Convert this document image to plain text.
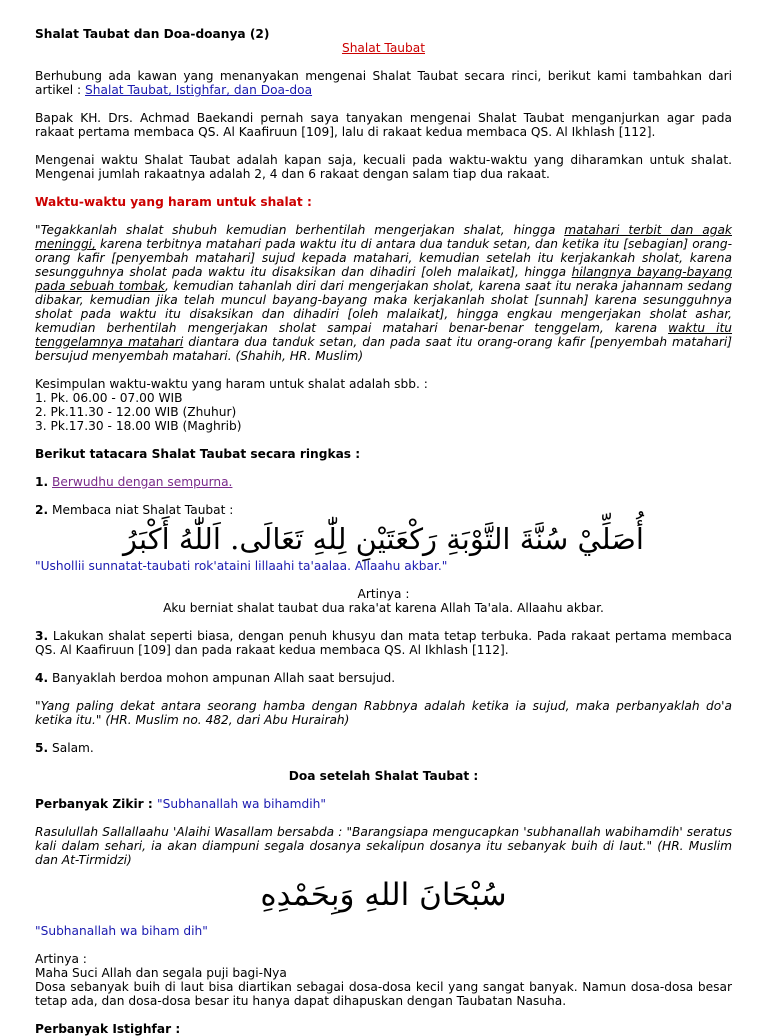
Shalat Taubat dan Doa-doanya (2)

Shalat Taubat

Berhubung ada kawan yang menanyakan mengenai Shalat Taubat secara rinci, berikut kami tambahkan dari artikel : Shalat Taubat, Istighfar, dan Doa-doa

Bapak KH. Drs. Achmad Baekandi pernah saya tanyakan mengenai Shalat Taubat menganjurkan agar pada rakaat pertama membaca QS. Al Kaafiruun [109], lalu di rakaat kedua membaca QS. Al Ikhlash [112].

Mengenai waktu Shalat Taubat adalah kapan saja, kecuali pada waktu-waktu yang diharamkan untuk shalat. Mengenai jumlah rakaatnya adalah 2, 4 dan 6 rakaat dengan salam tiap dua rakaat.

Waktu-waktu yang haram untuk shalat :

"Tegakkanlah shalat shubuh kemudian berhentilah mengerjakan shalat, hingga matahari terbit dan agak meninggi, karena terbitnya matahari pada waktu itu di antara dua tanduk setan, dan ketika itu [sebagian] orang-orang kafir [penyembah matahari] sujud kepada matahari, kemudian setelah itu kerjakankah sholat, karena sesungguhnya sholat pada waktu itu disaksikan dan dihadiri [oleh malaikat], hingga hilangnya bayang-bayang pada sebuah tombak, kemudian tahanlah diri dari mengerjakan sholat, karena saat itu neraka jahannam sedang dibakar, kemudian jika telah muncul bayang-bayang maka kerjakanlah sholat [sunnah] karena sesungguhnya sholat pada waktu itu disaksikan dan dihadiri [oleh malaikat], hingga engkau mengerjakan sholat ashar, kemudian berhentilah mengerjakan sholat sampai matahari benar-benar tenggelam, karena waktu itu tenggelamnya matahari diantara dua tanduk setan, dan pada saat itu orang-orang kafir [penyembah matahari] bersujud menyembah matahari. (Shahih, HR. Muslim)

Kesimpulan waktu-waktu yang haram untuk shalat adalah sbb. :

1. Pk. 06.00 - 07.00 WIB

2. Pk.11.30 - 12.00 WIB (Zhuhur)

3. Pk.17.30 - 18.00 WIB (Maghrib)

Berikut tatacara Shalat Taubat secara ringkas :

1. Berwudhu dengan sempurna.

2. Membaca niat Shalat Taubat :

أُصَلِّيْ سُنَّةَ التَّوْبَةِ رَكْعَتَيْنِ لِلّٰهِ تَعَالَى. اَللّٰهُ أَكْبَرُ

"Ushollii sunnatat-taubati rok'ataini lillaahi ta'aalaa. Allaahu akbar."

Artinya :

Aku berniat shalat taubat dua raka'at karena Allah Ta'ala. Allaahu akbar.

3. Lakukan shalat seperti biasa, dengan penuh khusyu dan mata tetap terbuka. Pada rakaat pertama membaca QS. Al Kaafiruun [109] dan pada rakaat kedua membaca QS. Al Ikhlash [112].

4. Banyaklah berdoa mohon ampunan Allah saat bersujud.

"Yang paling dekat antara seorang hamba dengan Rabbnya adalah ketika ia sujud, maka perbanyaklah do'a ketika itu." (HR. Muslim no. 482, dari Abu Hurairah)

5. Salam.

Doa setelah Shalat Taubat :

Perbanyak Zikir : "Subhanallah wa bihamdih"

Rasulullah Sallallaahu 'Alaihi Wasallam bersabda : "Barangsiapa mengucapkan 'subhanallah wabihamdih' seratus kali dalam sehari, ia akan diampuni segala dosanya sekalipun dosanya itu sebanyak buih di laut." (HR. Muslim dan At-Tirmidzi)

سُبْحَانَ اللهِ وَبِحَمْدِهِ

"Subhanallah wa biham dih"

Artinya :

Maha Suci Allah dan segala puji bagi-Nya

Dosa sebanyak buih di laut bisa diartikan sebagai dosa-dosa kecil yang sangat banyak. Namun dosa-dosa besar tetap ada, dan dosa-dosa besar itu hanya dapat dihapuskan dengan Taubatan Nasuha.

Perbanyak Istighfar :
